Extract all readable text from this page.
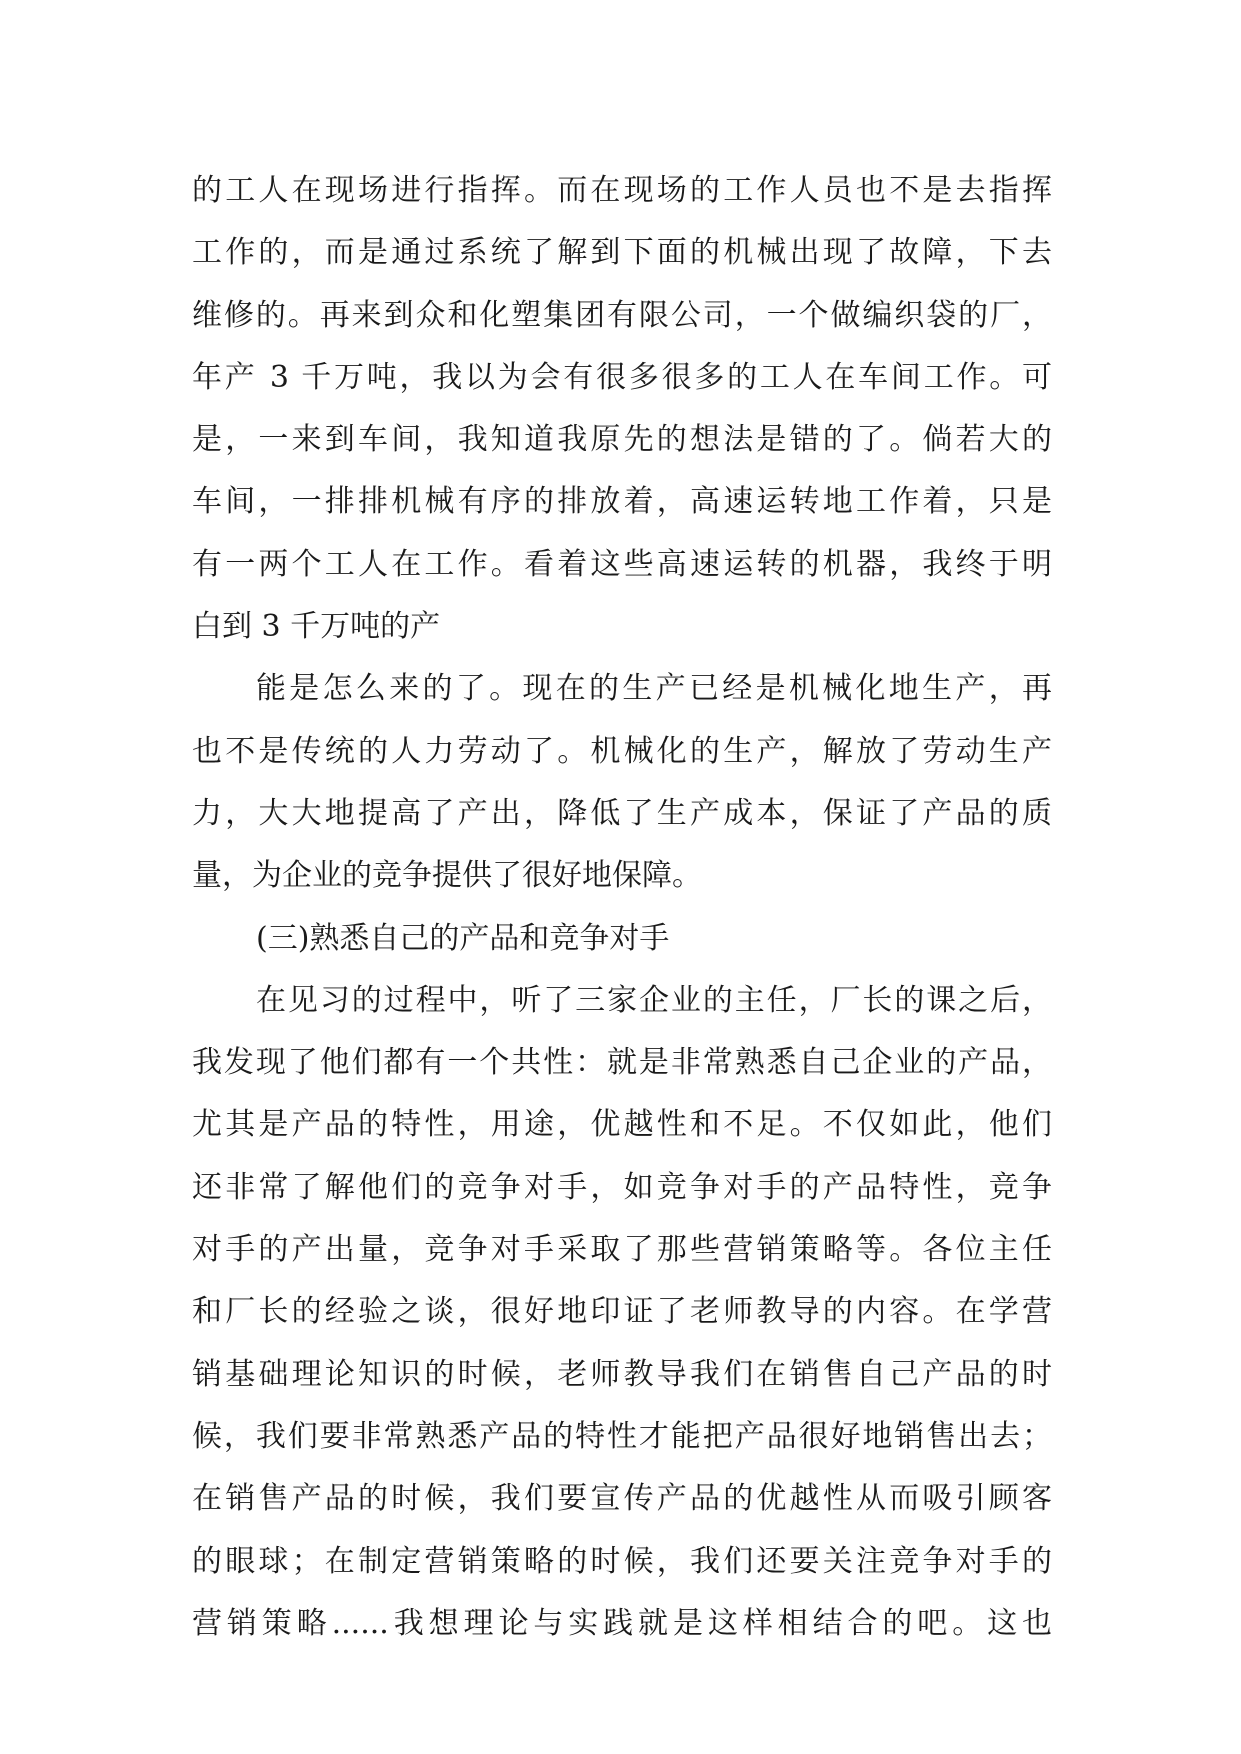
的工人在现场进行指挥。而在现场的工作人员也不是去指挥
工作的，而是通过系统了解到下面的机械出现了故障，下去
维修的。再来到众和化塑集团有限公司，一个做编织袋的厂，
年产 3 千万吨，我以为会有很多很多的工人在车间工作。可
是，一来到车间，我知道我原先的想法是错的了。倘若大的
车间，一排排机械有序的排放着，高速运转地工作着，只是
有一两个工人在工作。看着这些高速运转的机器，我终于明
白到 3 千万吨的产
能是怎么来的了。现在的生产已经是机械化地生产，再
也不是传统的人力劳动了。机械化的生产，解放了劳动生产
力，大大地提高了产出，降低了生产成本，保证了产品的质
量，为企业的竞争提供了很好地保障。
(三)熟悉自己的产品和竞争对手
在见习的过程中，听了三家企业的主任，厂长的课之后，
我发现了他们都有一个共性：就是非常熟悉自己企业的产品，
尤其是产品的特性，用途，优越性和不足。不仅如此，他们
还非常了解他们的竞争对手，如竞争对手的产品特性，竞争
对手的产出量，竞争对手采取了那些营销策略等。各位主任
和厂长的经验之谈，很好地印证了老师教导的内容。在学营
销基础理论知识的时候，老师教导我们在销售自己产品的时
候，我们要非常熟悉产品的特性才能把产品很好地销售出去；
在销售产品的时候，我们要宣传产品的优越性从而吸引顾客
的眼球；在制定营销策略的时候，我们还要关注竞争对手的
营销策略......我想理论与实践就是这样相结合的吧。这也
